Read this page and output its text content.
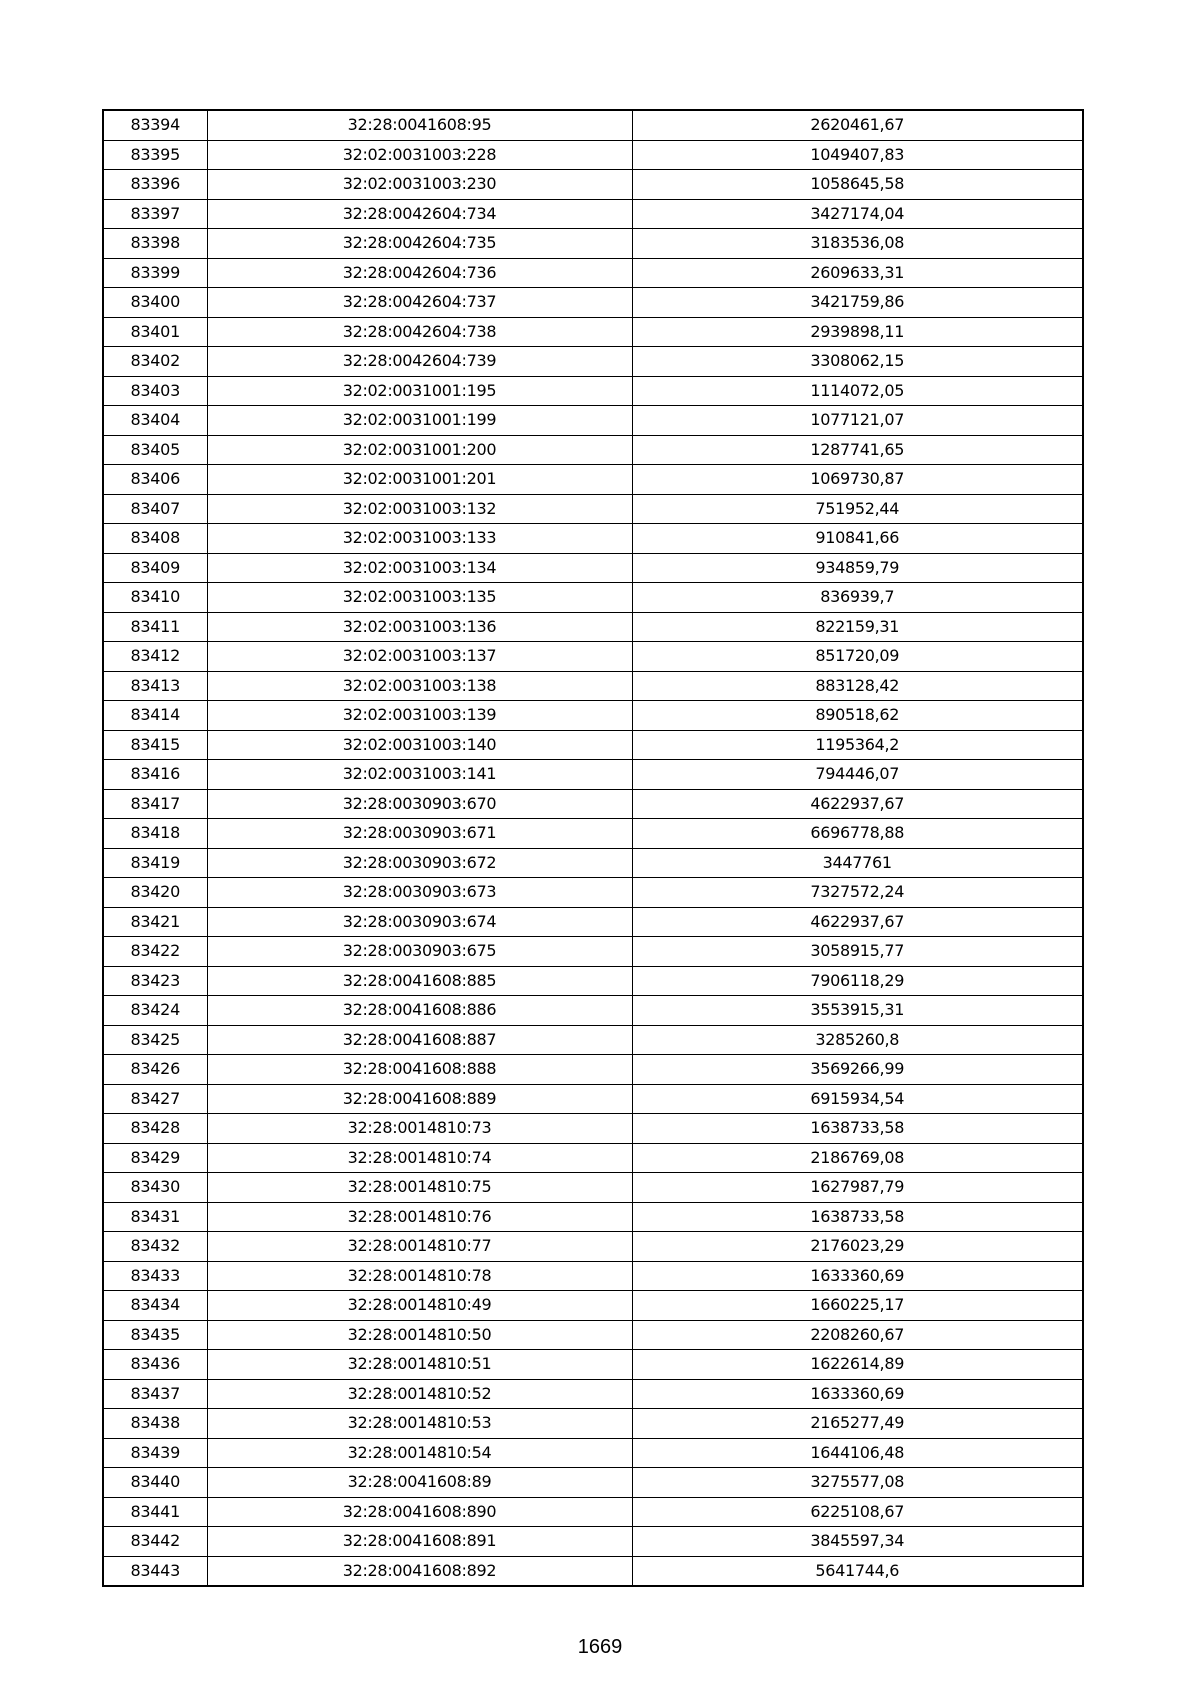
83394	32:28:0041608:95	2620461,67
83395	32:02:0031003:228	1049407,83
83396	32:02:0031003:230	1058645,58
83397	32:28:0042604:734	3427174,04
83398	32:28:0042604:735	3183536,08
83399	32:28:0042604:736	2609633,31
83400	32:28:0042604:737	3421759,86
83401	32:28:0042604:738	2939898,11
83402	32:28:0042604:739	3308062,15
83403	32:02:0031001:195	1114072,05
83404	32:02:0031001:199	1077121,07
83405	32:02:0031001:200	1287741,65
83406	32:02:0031001:201	1069730,87
83407	32:02:0031003:132	751952,44
83408	32:02:0031003:133	910841,66
83409	32:02:0031003:134	934859,79
83410	32:02:0031003:135	836939,7
83411	32:02:0031003:136	822159,31
83412	32:02:0031003:137	851720,09
83413	32:02:0031003:138	883128,42
83414	32:02:0031003:139	890518,62
83415	32:02:0031003:140	1195364,2
83416	32:02:0031003:141	794446,07
83417	32:28:0030903:670	4622937,67
83418	32:28:0030903:671	6696778,88
83419	32:28:0030903:672	3447761
83420	32:28:0030903:673	7327572,24
83421	32:28:0030903:674	4622937,67
83422	32:28:0030903:675	3058915,77
83423	32:28:0041608:885	7906118,29
83424	32:28:0041608:886	3553915,31
83425	32:28:0041608:887	3285260,8
83426	32:28:0041608:888	3569266,99
83427	32:28:0041608:889	6915934,54
83428	32:28:0014810:73	1638733,58
83429	32:28:0014810:74	2186769,08
83430	32:28:0014810:75	1627987,79
83431	32:28:0014810:76	1638733,58
83432	32:28:0014810:77	2176023,29
83433	32:28:0014810:78	1633360,69
83434	32:28:0014810:49	1660225,17
83435	32:28:0014810:50	2208260,67
83436	32:28:0014810:51	1622614,89
83437	32:28:0014810:52	1633360,69
83438	32:28:0014810:53	2165277,49
83439	32:28:0014810:54	1644106,48
83440	32:28:0041608:89	3275577,08
83441	32:28:0041608:890	6225108,67
83442	32:28:0041608:891	3845597,34
83443	32:28:0041608:892	5641744,6
1669
